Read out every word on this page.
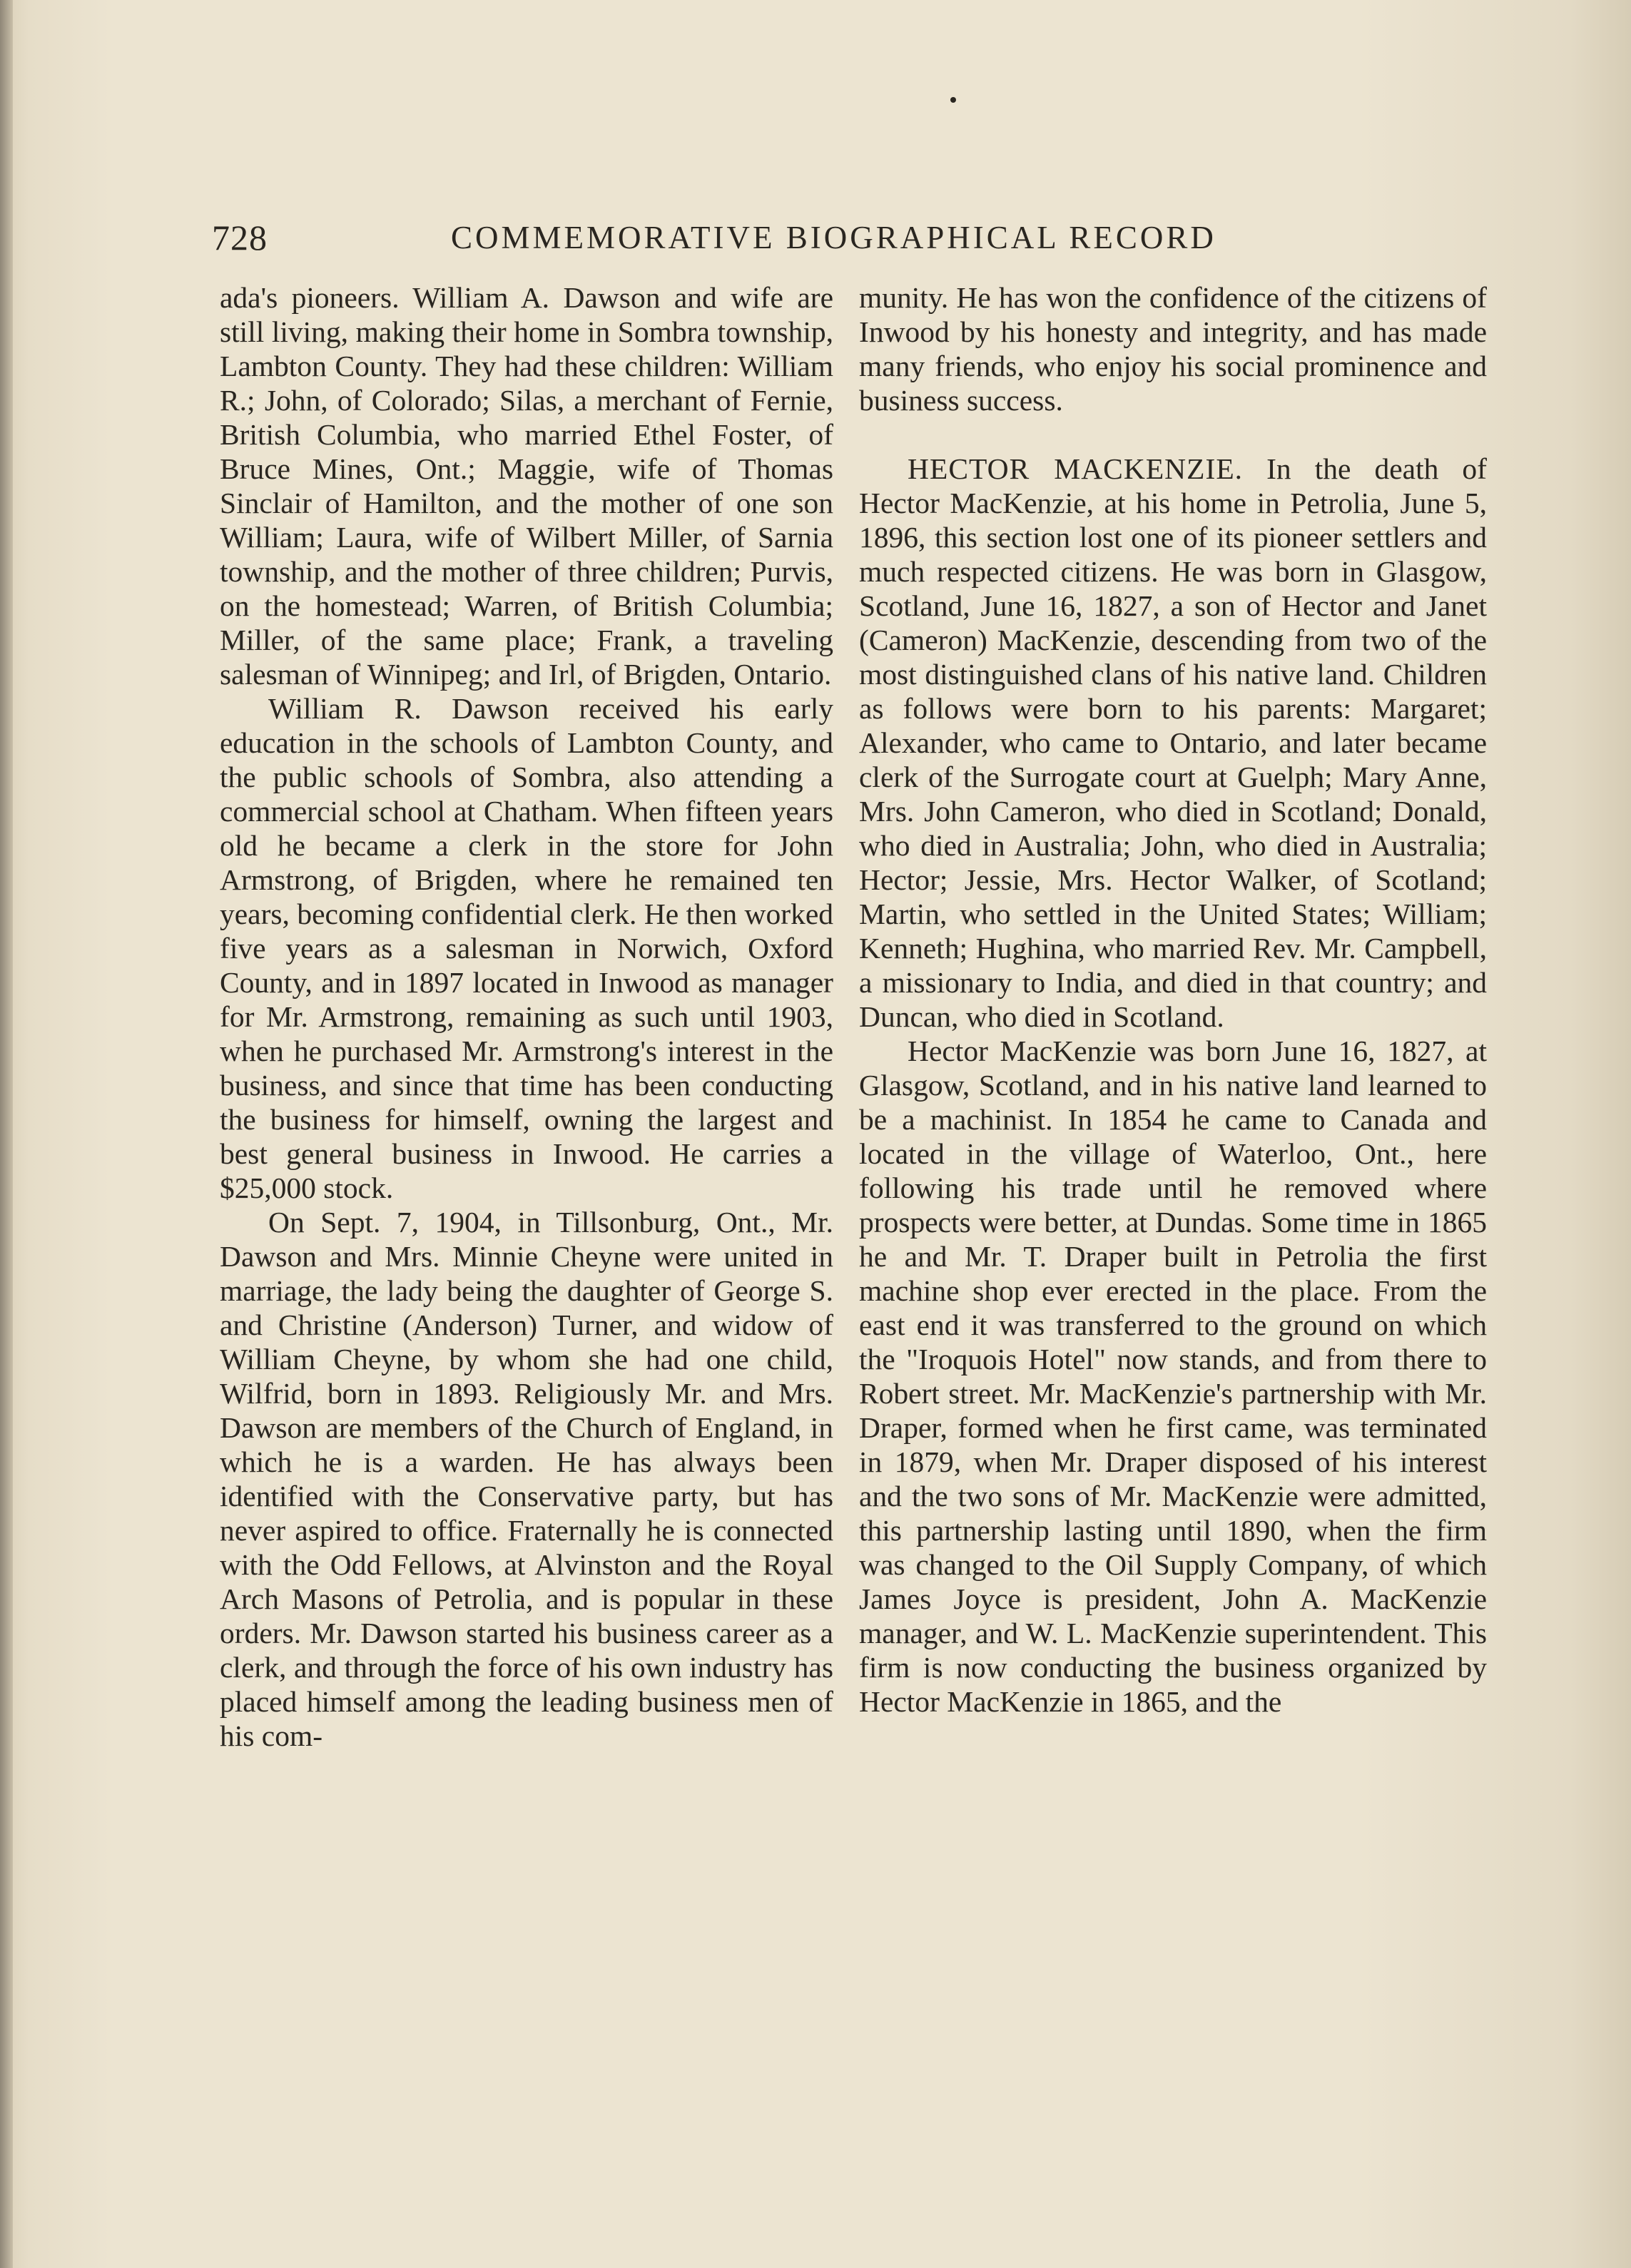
728	COMMEMORATIVE BIOGRAPHICAL RECORD

ada's pioneers. William A. Dawson and wife are still living, making their home in Sombra township, Lambton County. They had these children: William R.; John, of Colorado; Silas, a merchant of Fernie, British Columbia, who married Ethel Foster, of Bruce Mines, Ont.; Maggie, wife of Thomas Sinclair of Hamilton, and the mother of one son William; Laura, wife of Wilbert Miller, of Sarnia township, and the mother of three children; Purvis, on the homestead; Warren, of British Columbia; Miller, of the same place; Frank, a traveling salesman of Winnipeg; and Irl, of Brigden, Ontario.

William R. Dawson received his early education in the schools of Lambton County, and the public schools of Sombra, also attending a commercial school at Chatham. When fifteen years old he became a clerk in the store for John Armstrong, of Brigden, where he remained ten years, becoming confidential clerk. He then worked five years as a salesman in Norwich, Oxford County, and in 1897 located in Inwood as manager for Mr. Armstrong, remaining as such until 1903, when he purchased Mr. Armstrong's interest in the business, and since that time has been conducting the business for himself, owning the largest and best general business in Inwood. He carries a $25,000 stock.

On Sept. 7, 1904, in Tillsonburg, Ont., Mr. Dawson and Mrs. Minnie Cheyne were united in marriage, the lady being the daughter of George S. and Christine (Anderson) Turner, and widow of William Cheyne, by whom she had one child, Wilfrid, born in 1893. Religiously Mr. and Mrs. Dawson are members of the Church of England, in which he is a warden. He has always been identified with the Conservative party, but has never aspired to office. Fraternally he is connected with the Odd Fellows, at Alvinston and the Royal Arch Masons of Petrolia, and is popular in these orders. Mr. Dawson started his business career as a clerk, and through the force of his own industry has placed himself among the leading business men of his com-

munity. He has won the confidence of the citizens of Inwood by his honesty and integrity, and has made many friends, who enjoy his social prominence and business success.

HECTOR MACKENZIE. In the death of Hector MacKenzie, at his home in Petrolia, June 5, 1896, this section lost one of its pioneer settlers and much respected citizens. He was born in Glasgow, Scotland, June 16, 1827, a son of Hector and Janet (Cameron) MacKenzie, descending from two of the most distinguished clans of his native land. Children as follows were born to his parents: Margaret; Alexander, who came to Ontario, and later became clerk of the Surrogate court at Guelph; Mary Anne, Mrs. John Cameron, who died in Scotland; Donald, who died in Australia; John, who died in Australia; Hector; Jessie, Mrs. Hector Walker, of Scotland; Martin, who settled in the United States; William; Kenneth; Hughina, who married Rev. Mr. Campbell, a missionary to India, and died in that country; and Duncan, who died in Scotland.

Hector MacKenzie was born June 16, 1827, at Glasgow, Scotland, and in his native land learned to be a machinist. In 1854 he came to Canada and located in the village of Waterloo, Ont., here following his trade until he removed where prospects were better, at Dundas. Some time in 1865 he and Mr. T. Draper built in Petrolia the first machine shop ever erected in the place. From the east end it was transferred to the ground on which the "Iroquois Hotel" now stands, and from there to Robert street. Mr. MacKenzie's partnership with Mr. Draper, formed when he first came, was terminated in 1879, when Mr. Draper disposed of his interest and the two sons of Mr. MacKenzie were admitted, this partnership lasting until 1890, when the firm was changed to the Oil Supply Company, of which James Joyce is president, John A. MacKenzie manager, and W. L. MacKenzie superintendent. This firm is now conducting the business organized by Hector MacKenzie in 1865, and the
